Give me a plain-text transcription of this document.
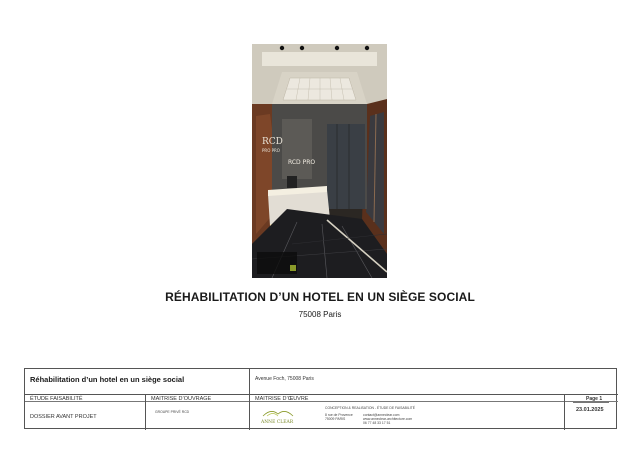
RCD
PRO PRO
RCD PRO
RÉHABILITATION D’UN HOTEL EN UN SIÈGE SOCIAL
75008 Paris
Réhabilitation d’un hotel en un siège social	Avenue Foch, 75008 Paris
ÉTUDE FAISABILITÉ
DOSSIER AVANT PROJET
MAITRISE D’OUVRAGE
GROUPE PRIVÉ RCD
MAITRISE D’ŒUVRE
ANNE CLEAR
CONCEPTION & REALISATION - ÉTUDE DE FAISABILITÉ
8 rue de Provence
75009 PARIS
contact@anneclear.com
www.anneclear-architecture.com
06 77 48 33 17 51
Page 1
23.01.2025
